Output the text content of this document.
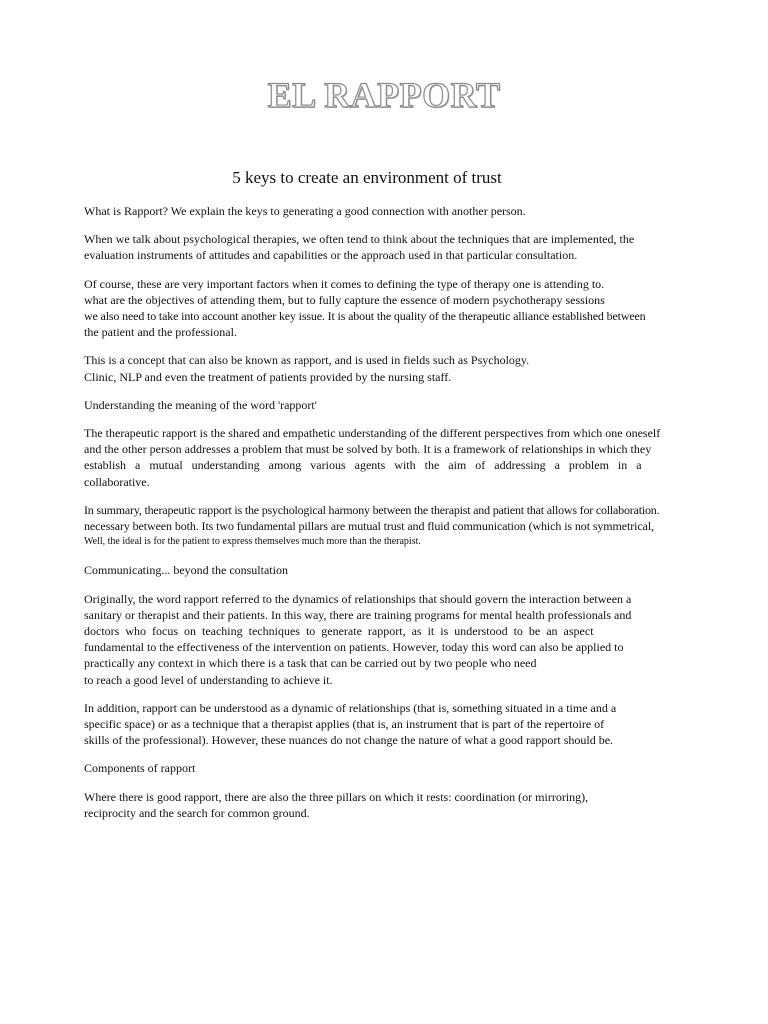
EL RAPPORT

5 keys to create an environment of trust

What is Rapport? We explain the keys to generating a good connection with another person.

When we talk about psychological therapies, we often tend to think about the techniques that are implemented, the
evaluation instruments of attitudes and capabilities or the approach used in that particular consultation.

Of course, these are very important factors when it comes to defining the type of therapy one is attending to.
what are the objectives of attending them, but to fully capture the essence of modern psychotherapy sessions
we also need to take into account another key issue. It is about the quality of the therapeutic alliance established between
the patient and the professional.

This is a concept that can also be known as rapport, and is used in fields such as Psychology.
Clinic, NLP and even the treatment of patients provided by the nursing staff.

Understanding the meaning of the word 'rapport'

The therapeutic rapport is the shared and empathetic understanding of the different perspectives from which one oneself
and the other person addresses a problem that must be solved by both. It is a framework of relationships in which they
establish a mutual understanding among various agents with the aim of addressing a problem in a
collaborative.

In summary, therapeutic rapport is the psychological harmony between the therapist and patient that allows for collaboration.
necessary between both. Its two fundamental pillars are mutual trust and fluid communication (which is not symmetrical,
Well, the ideal is for the patient to express themselves much more than the therapist.

Communicating... beyond the consultation

Originally, the word rapport referred to the dynamics of relationships that should govern the interaction between a
sanitary or therapist and their patients. In this way, there are training programs for mental health professionals and
doctors who focus on teaching techniques to generate rapport, as it is understood to be an aspect
fundamental to the effectiveness of the intervention on patients. However, today this word can also be applied to
practically any context in which there is a task that can be carried out by two people who need
to reach a good level of understanding to achieve it.

In addition, rapport can be understood as a dynamic of relationships (that is, something situated in a time and a
specific space) or as a technique that a therapist applies (that is, an instrument that is part of the repertoire of
skills of the professional). However, these nuances do not change the nature of what a good rapport should be.

Components of rapport

Where there is good rapport, there are also the three pillars on which it rests: coordination (or mirroring),
reciprocity and the search for common ground.
